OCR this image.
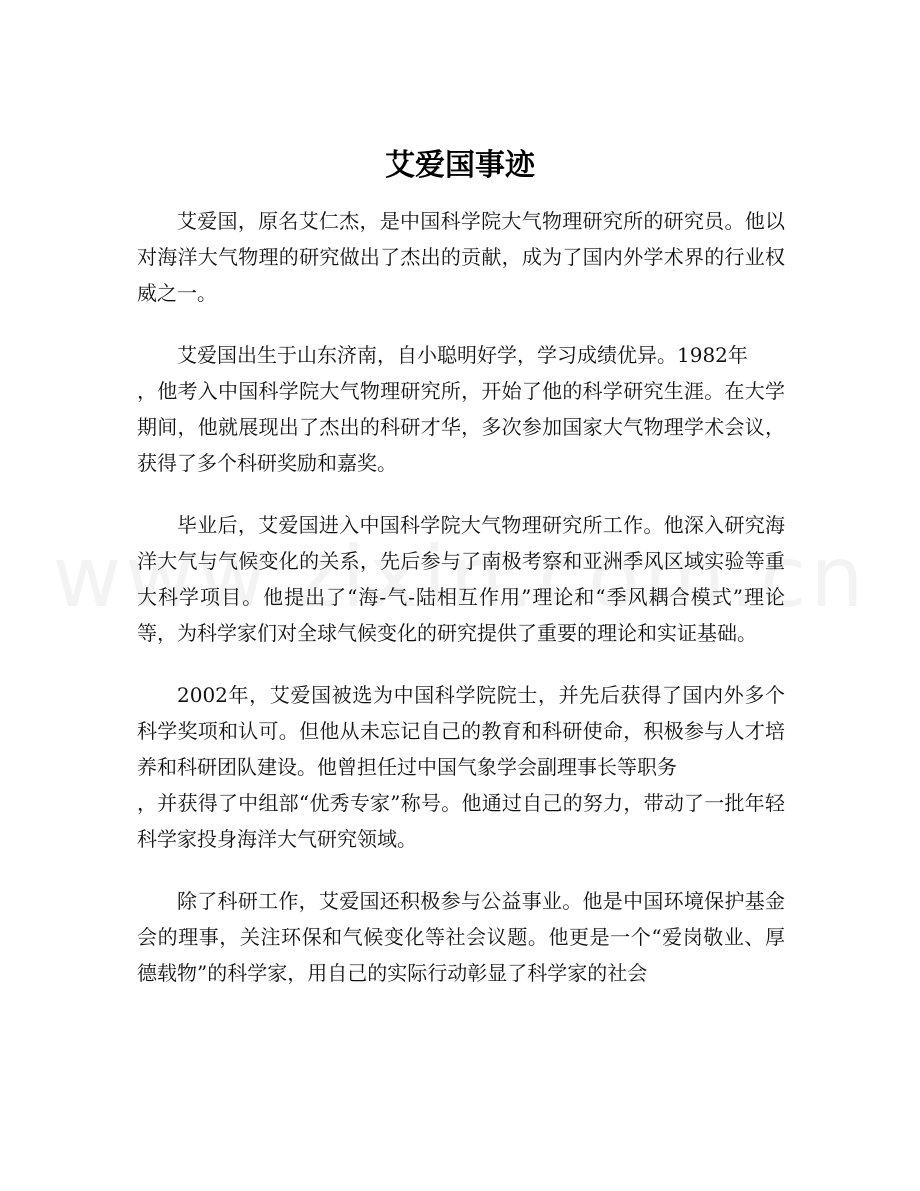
艾爱国事迹

艾爱国，原名艾仁杰，是中国科学院大气物理研究所的研究员。他以对海洋大气物理的研究做出了杰出的贡献，成为了国内外学术界的行业权威之一。

艾爱国出生于山东济南，自小聪明好学，学习成绩优异。1982年
，他考入中国科学院大气物理研究所，开始了他的科学研究生涯。在大学期间，他就展现出了杰出的科研才华，多次参加国家大气物理学术会议，获得了多个科研奖励和嘉奖。

毕业后，艾爱国进入中国科学院大气物理研究所工作。他深入研究海洋大气与气候变化的关系，先后参与了南极考察和亚洲季风区域实验等重大科学项目。他提出了“海-气-陆相互作用”理论和“季风耦合模式”理论等，为科学家们对全球气候变化的研究提供了重要的理论和实证基础。

2002年，艾爱国被选为中国科学院院士，并先后获得了国内外多个科学奖项和认可。但他从未忘记自己的教育和科研使命，积极参与人才培养和科研团队建设。他曾担任过中国气象学会副理事长等职务
，并获得了中组部“优秀专家”称号。他通过自己的努力，带动了一批年轻科学家投身海洋大气研究领域。

除了科研工作，艾爱国还积极参与公益事业。他是中国环境保护基金会的理事，关注环保和气候变化等社会议题。他更是一个“爱岗敬业、厚德载物”的科学家，用自己的实际行动彰显了科学家的社会
